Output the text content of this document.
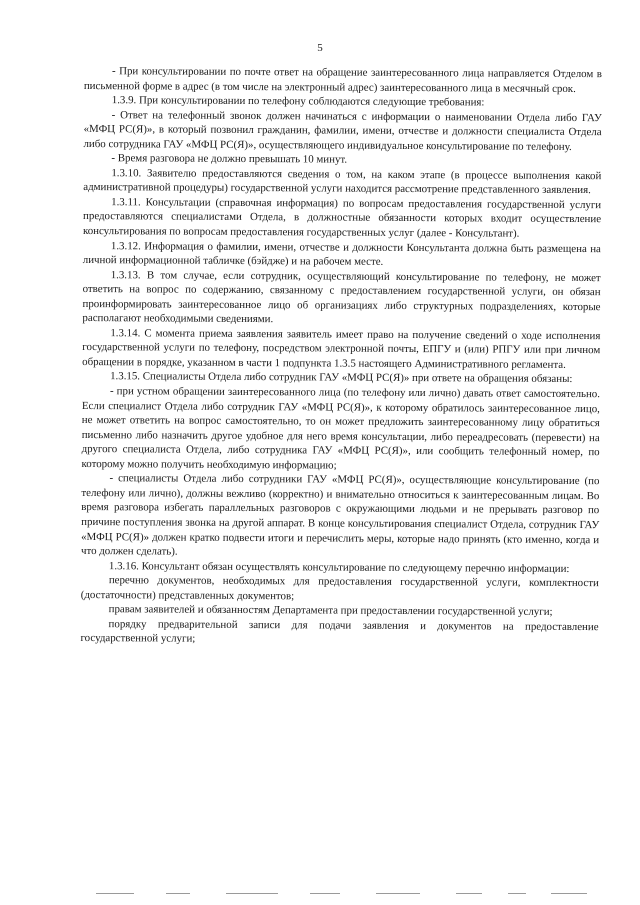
5

- При консультировании по почте ответ на обращение заинтересованного лица направляется Отделом в письменной форме в адрес (в том числе на электронный адрес) заинтересованного лица в месячный срок.

1.3.9. При консультировании по телефону соблюдаются следующие требования:

- Ответ на телефонный звонок должен начинаться с информации о наименовании Отдела либо ГАУ «МФЦ РС(Я)», в который позвонил гражданин, фамилии, имени, отчестве и должности специалиста Отдела либо сотрудника ГАУ «МФЦ РС(Я)», осуществляющего индивидуальное консультирование по телефону.

- Время разговора не должно превышать 10 минут.

1.3.10. Заявителю предоставляются сведения о том, на каком этапе (в процессе выполнения какой административной процедуры) государственной услуги находится рассмотрение представленного заявления.

1.3.11. Консультации (справочная информация) по вопросам предоставления государственной услуги предоставляются специалистами Отдела, в должностные обязанности которых входит осуществление консультирования по вопросам предоставления государственных услуг (далее - Консультант).

1.3.12. Информация о фамилии, имени, отчестве и должности Консультанта должна быть размещена на личной информационной табличке (бэйдже) и на рабочем месте.

1.3.13. В том случае, если сотрудник, осуществляющий консультирование по телефону, не может ответить на вопрос по содержанию, связанному с предоставлением государственной услуги, он обязан проинформировать заинтересованное лицо об организациях либо структурных подразделениях, которые располагают необходимыми сведениями.

1.3.14. С момента приема заявления заявитель имеет право на получение сведений о ходе исполнения государственной услуги по телефону, посредством электронной почты, ЕПГУ и (или) РПГУ или при личном обращении в порядке, указанном в части 1 подпункта 1.3.5 настоящего Административного регламента.

1.3.15. Специалисты Отдела либо сотрудник ГАУ «МФЦ РС(Я)» при ответе на обращения обязаны:

- при устном обращении заинтересованного лица (по телефону или лично) давать ответ самостоятельно. Если специалист Отдела либо сотрудник ГАУ «МФЦ РС(Я)», к которому обратилось заинтересованное лицо, не может ответить на вопрос самостоятельно, то он может предложить заинтересованному лицу обратиться письменно либо назначить другое удобное для него время консультации, либо переадресовать (перевести) на другого специалиста Отдела, либо сотрудника ГАУ «МФЦ РС(Я)», или сообщить телефонный номер, по которому можно получить необходимую информацию;

- специалисты Отдела либо сотрудники ГАУ «МФЦ РС(Я)», осуществляющие консультирование (по телефону или лично), должны вежливо (корректно) и внимательно относиться к заинтересованным лицам. Во время разговора избегать параллельных разговоров с окружающими людьми и не прерывать разговор по причине поступления звонка на другой аппарат. В конце консультирования специалист Отдела, сотрудник ГАУ «МФЦ РС(Я)» должен кратко подвести итоги и перечислить меры, которые надо принять (кто именно, когда и что должен сделать).

1.3.16. Консультант обязан осуществлять консультирование по следующему перечню информации:

перечню документов, необходимых для предоставления государственной услуги, комплектности (достаточности) представленных документов;

правам заявителей и обязанностям Департамента при предоставлении государственной услуги;

порядку предварительной записи для подачи заявления и документов на предоставление государственной услуги;
